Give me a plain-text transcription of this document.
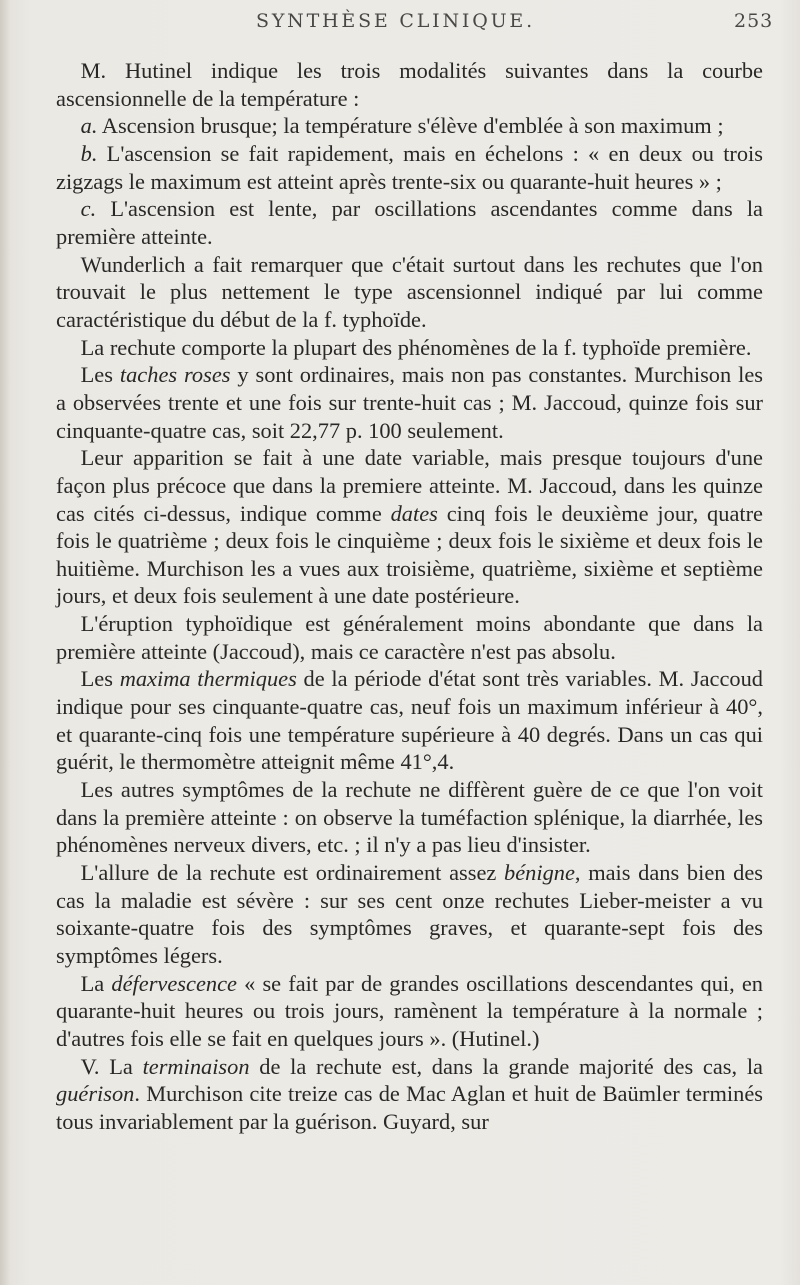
SYNTHÈSE CLINIQUE.	253

M. Hutinel indique les trois modalités suivantes dans la courbe ascensionnelle de la température :

a. Ascension brusque; la température s'élève d'emblée à son maximum ;

b. L'ascension se fait rapidement, mais en échelons : « en deux ou trois zigzags le maximum est atteint après trente-six ou quarante-huit heures » ;

c. L'ascension est lente, par oscillations ascendantes comme dans la première atteinte.

Wunderlich a fait remarquer que c'était surtout dans les rechutes que l'on trouvait le plus nettement le type ascensionnel indiqué par lui comme caractéristique du début de la f. typhoïde.

La rechute comporte la plupart des phénomènes de la f. typhoïde première.

Les taches roses y sont ordinaires, mais non pas constantes. Murchison les a observées trente et une fois sur trente-huit cas ; M. Jaccoud, quinze fois sur cinquante-quatre cas, soit 22,77 p. 100 seulement.

Leur apparition se fait à une date variable, mais presque toujours d'une façon plus précoce que dans la premiere atteinte. M. Jaccoud, dans les quinze cas cités ci-dessus, indique comme dates cinq fois le deuxième jour, quatre fois le quatrième ; deux fois le cinquième ; deux fois le sixième et deux fois le huitième. Murchison les a vues aux troisième, quatrième, sixième et septième jours, et deux fois seulement à une date postérieure.

L'éruption typhoïdique est généralement moins abondante que dans la première atteinte (Jaccoud), mais ce caractère n'est pas absolu.

Les maxima thermiques de la période d'état sont très variables. M. Jaccoud indique pour ses cinquante-quatre cas, neuf fois un maximum inférieur à 40°, et quarante-cinq fois une température supérieure à 40 degrés. Dans un cas qui guérit, le thermomètre atteignit même 41°,4.

Les autres symptômes de la rechute ne diffèrent guère de ce que l'on voit dans la première atteinte : on observe la tuméfaction splénique, la diarrhée, les phénomènes nerveux divers, etc. ; il n'y a pas lieu d'insister.

L'allure de la rechute est ordinairement assez bénigne, mais dans bien des cas la maladie est sévère : sur ses cent onze rechutes Lieber-meister a vu soixante-quatre fois des symptômes graves, et quarante-sept fois des symptômes légers.

La défervescence « se fait par de grandes oscillations descendantes qui, en quarante-huit heures ou trois jours, ramènent la température à la normale ; d'autres fois elle se fait en quelques jours ». (Hutinel.)

V. La terminaison de la rechute est, dans la grande majorité des cas, la guérison. Murchison cite treize cas de Mac Aglan et huit de Baümler terminés tous invariablement par la guérison. Guyard, sur
